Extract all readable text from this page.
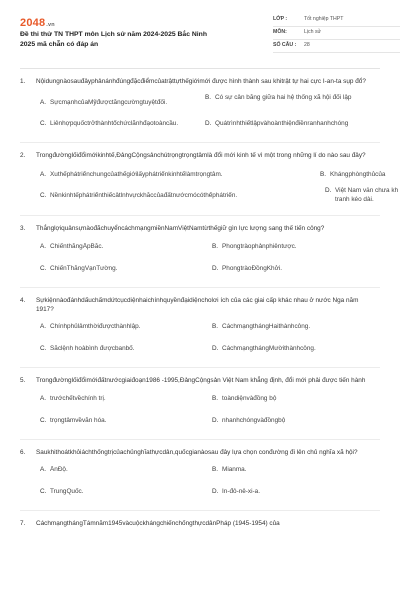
2048.vn
Đề thi thử TN THPT môn Lịch sử năm 2024-2025 Bắc Ninh
2025 mã chẵn có đáp án
LỚP :	Tốt nghiệp THPT
MÔN:	Lịch sử
SỐ CÂU :	28
1.	Nộidungnàosauđâyphảnánhđúngđặcđiểmcủatrậttựthếgiớimới được hình thành sau khitrật tự hai cực I-an-ta sụp đổ?
A. SựcmạnhcủaMỹđượctăngcườngtuyệtđối.
B. Có sự cân bằng giữa hai hệ thống xã hội đối lập
C. Liênhợpquốctrởthànhtổchứclãnhđạotoàncầu.	D. Quátrìnhthiếtlậpvàhoànthiệnđiềnranhanhchóng
2.	Trongđườnglốiđổimớikinhtế,ĐảngCộngsảnchútrọngtrọngtâmlà đổi mới kinh tế vì một trong những lí do nào sau đây?
A. Xuthếphátriểnchungcủathếgiớilấyphátriểnkinhtếlàmtrọngtâm.	B. Khángphòngthủcủa
C. Nềnkinhtếphátriểnthiếcâtlnhvựckhắccủađấtnướcmócóthểphátriển.
D. Việt Nam vẫn chưa kh tranh kéo dài.
3.	ThắnglợiquânsựnàođãchuyểncáchmạngmiềnNamViệtNamtừthếgiữ gìn lực lượng sang thế tiến công?
A. ChiếnthắngẤpBắc.	B. Phongtràophảnphiêntược.
C. ChiếnThắngVạnTường.	D. PhongtràoĐồngKhởi.
4.	Sựkiệnnàođánhdấuchấmdứtcụcdiệnhaichínhquyềnđạidiệncholơi ích của các giai cấp khác nhau ở nước Nga năm 1917?
A. Chínhphủlâmthờiđượcthànhlập.	B. CáchmạngthángHaithànhcông.
C. Sắclệnh hoàbình đượcbanbố.	D. CáchmạngthángMườithànhcông.
5.	Trongđườnglốiđổimớiđấtnướcgiaiđoạn1986 -1995,ĐảngCộngsản Việt Nam khẳng định, đổi mới phải được tiến hành
A. trướchếtvềchính trị.	B. toàndiệnvàđồng bộ
C. trọngtâmvềvăn hóa.	D. nhanhchóngvàđồngbộ
6.	Saukhithoátkhỏiáchthốngtrịcủachủnghĩathựcdân,quốcgianàosau đây lựa chọn conđường đi lên chủ nghĩa xã hội?
A. ẤnĐộ.	B. Mianma.
C. TrungQuốc.	D. In-đô-nê-xi-a.
7.	CáchmạngthángTámnăm1945vàcuộckhángchiếnchốngthựcdânPháp (1945-1954) của
